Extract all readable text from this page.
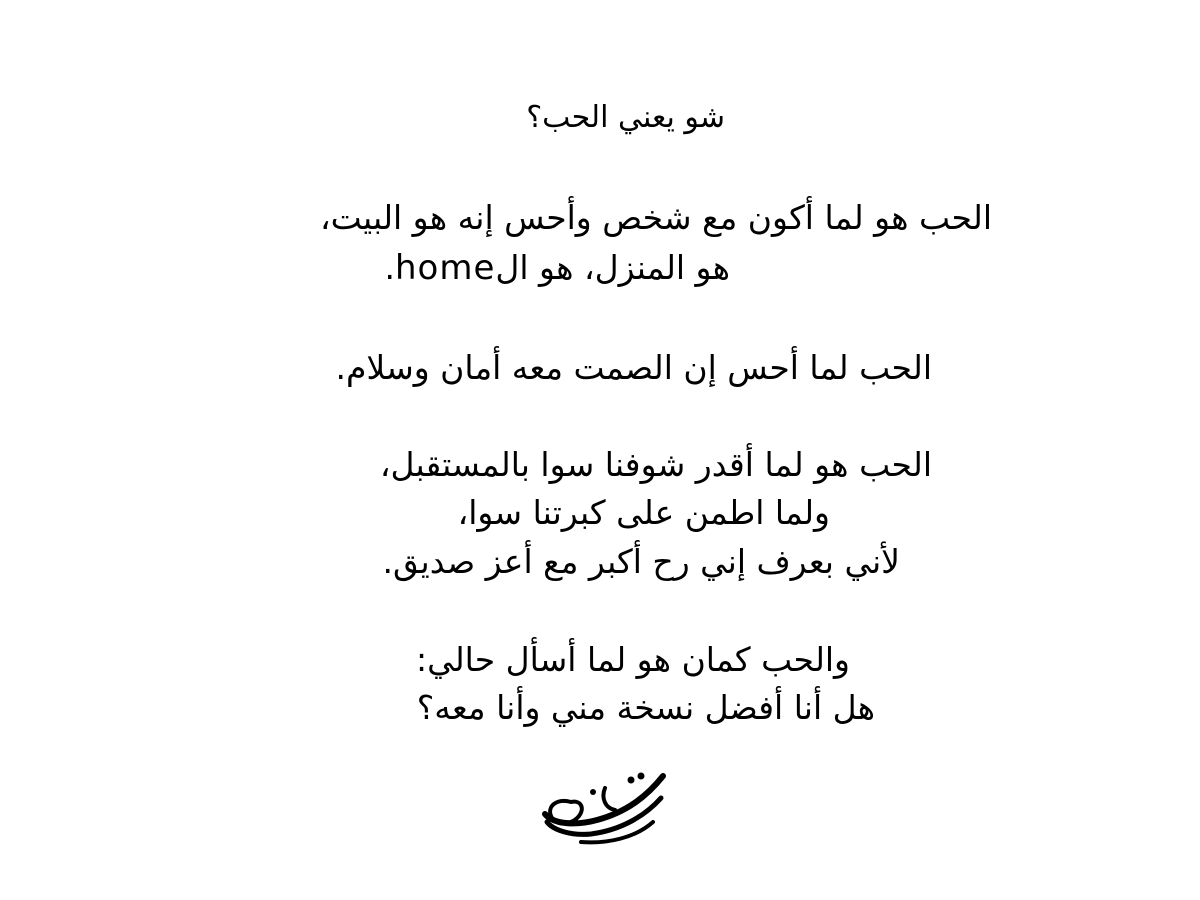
شو يعني الحب؟
الحب هو لما أكون مع شخص وأحس إنه هو البيت،
هو المنزل، هو الhome.
الحب لما أحس إن الصمت معه أمان وسلام.
الحب هو لما أقدر شوفنا سوا بالمستقبل،
ولما اطمن على كبرتنا سوا،
لأني بعرف إني رح أكبر مع أعز صديق.
والحب كمان هو لما أسأل حالي:
هل أنا أفضل نسخة مني وأنا معه؟
